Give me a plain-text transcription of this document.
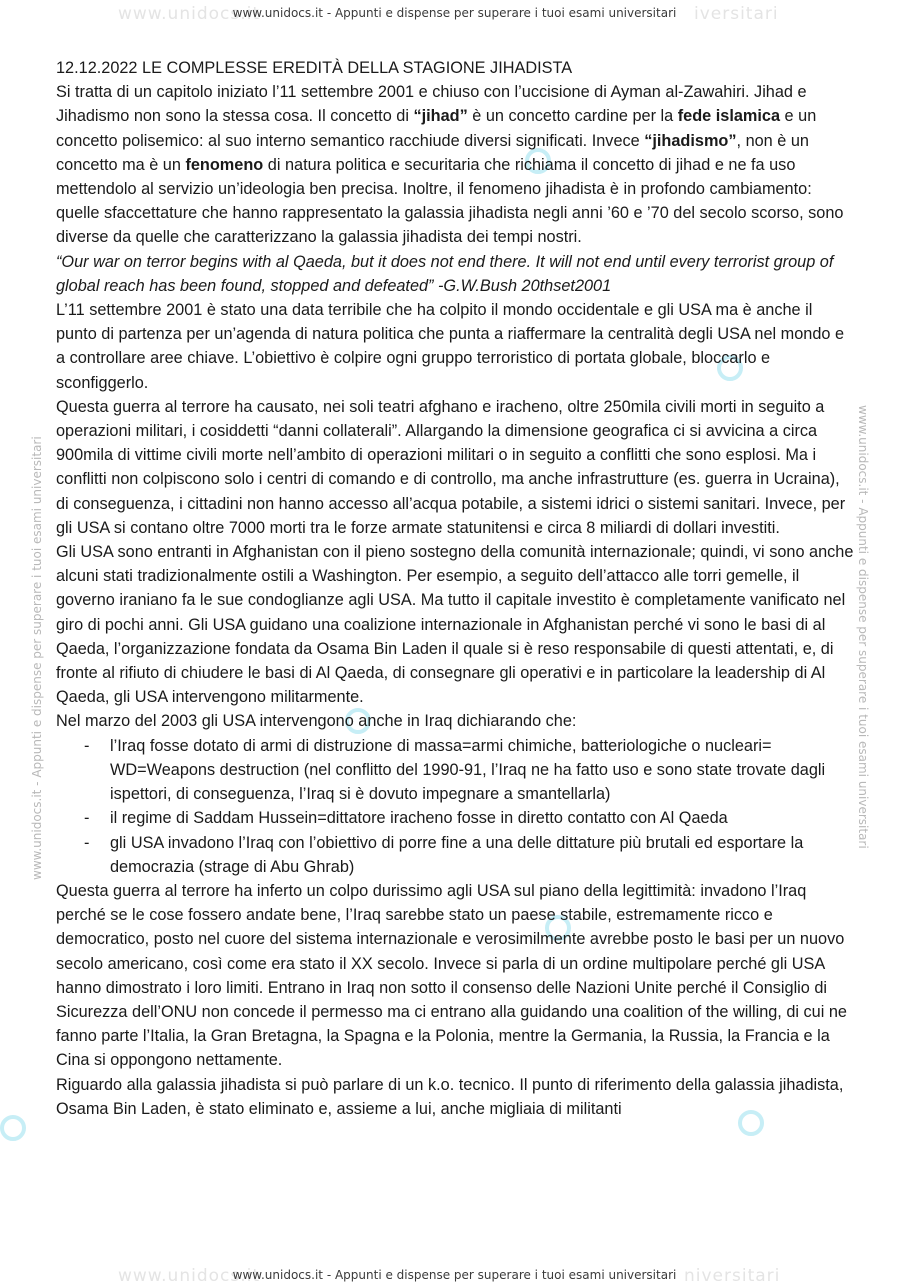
www.unidocs.it	iversitari
www.unidocs.it - Appunti e dispense per superare i tuoi esami universitari
www.unidocs.it - Appunti e dispense per superare i tuoi esami universitari	www.unidocs.it - Appunti e dispense per superare i tuoi esami universitari

12.12.2022 LE COMPLESSE EREDITÀ DELLA STAGIONE JIHADISTA

Si tratta di un capitolo iniziato l’11 settembre 2001 e chiuso con l’uccisione di Ayman al-Zawahiri. Jihad e Jihadismo non sono la stessa cosa. Il concetto di “jihad” è un concetto cardine per la fede islamica e un concetto polisemico: al suo interno semantico racchiude diversi significati. Invece “jihadismo”, non è un concetto ma è un fenomeno di natura politica e securitaria che richiama il concetto di jihad e ne fa uso mettendolo al servizio un’ideologia ben precisa. Inoltre, il fenomeno jihadista è in profondo cambiamento: quelle sfaccettature che hanno rappresentato la galassia jihadista negli anni ’60 e ’70 del secolo scorso, sono diverse da quelle che caratterizzano la galassia jihadista dei tempi nostri.

“Our war on terror begins with al Qaeda, but it does not end there. It will not end until every terrorist group of global reach has been found, stopped and defeated” -G.W.Bush 20thset2001

L’11 settembre 2001 è stato una data terribile che ha colpito il mondo occidentale e gli USA ma è anche il punto di partenza per un’agenda di natura politica che punta a riaffermare la centralità degli USA nel mondo e a controllare aree chiave. L’obiettivo è colpire ogni gruppo terroristico di portata globale, bloccarlo e sconfiggerlo.

Questa guerra al terrore ha causato, nei soli teatri afghano e iracheno, oltre 250mila civili morti in seguito a operazioni militari, i cosiddetti “danni collaterali”. Allargando la dimensione geografica ci si avvicina a circa 900mila di vittime civili morte nell’ambito di operazioni militari o in seguito a conflitti che sono esplosi. Ma i conflitti non colpiscono solo i centri di comando e di controllo, ma anche infrastrutture (es. guerra in Ucraina), di conseguenza, i cittadini non hanno accesso all’acqua potabile, a sistemi idrici o sistemi sanitari. Invece, per gli USA si contano oltre 7000 morti tra le forze armate statunitensi e circa 8 miliardi di dollari investiti.

Gli USA sono entranti in Afghanistan con il pieno sostegno della comunità internazionale; quindi, vi sono anche alcuni stati tradizionalmente ostili a Washington. Per esempio, a seguito dell’attacco alle torri gemelle, il governo iraniano fa le sue condoglianze agli USA. Ma tutto il capitale investito è completamente vanificato nel giro di pochi anni. Gli USA guidano una coalizione internazionale in Afghanistan perché vi sono le basi di al Qaeda, l’organizzazione fondata da Osama Bin Laden il quale si è reso responsabile di questi attentati, e, di fronte al rifiuto di chiudere le basi di Al Qaeda, di consegnare gli operativi e in particolare la leadership di Al Qaeda, gli USA intervengono militarmente.

Nel marzo del 2003 gli USA intervengono anche in Iraq dichiarando che:

- l’Iraq fosse dotato di armi di distruzione di massa=armi chimiche, batteriologiche o nucleari= WD=Weapons destruction (nel conflitto del 1990-91, l’Iraq ne ha fatto uso e sono state trovate dagli ispettori, di conseguenza, l’Iraq si è dovuto impegnare a smantellarla)
- il regime di Saddam Hussein=dittatore iracheno fosse in diretto contatto con Al Qaeda
- gli USA invadono l’Iraq con l’obiettivo di porre fine a una delle dittature più brutali ed esportare la democrazia (strage di Abu Ghrab)

Questa guerra al terrore ha inferto un colpo durissimo agli USA sul piano della legittimità: invadono l’Iraq perché se le cose fossero andate bene, l’Iraq sarebbe stato un paese stabile, estremamente ricco e democratico, posto nel cuore del sistema internazionale e verosimilmente avrebbe posto le basi per un nuovo secolo americano, così come era stato il XX secolo. Invece si parla di un ordine multipolare perché gli USA hanno dimostrato i loro limiti. Entrano in Iraq non sotto il consenso delle Nazioni Unite perché il Consiglio di Sicurezza dell’ONU non concede il permesso ma ci entrano alla guidando una coalition of the willing, di cui ne fanno parte l’Italia, la Gran Bretagna, la Spagna e la Polonia, mentre la Germania, la Russia, la Francia e la Cina si oppongono nettamente.

Riguardo alla galassia jihadista si può parlare di un k.o. tecnico. Il punto di riferimento della galassia jihadista, Osama Bin Laden, è stato eliminato e, assieme a lui, anche migliaia di militanti

www.unidocs.it	niversitari
www.unidocs.it - Appunti e dispense per superare i tuoi esami universitari
